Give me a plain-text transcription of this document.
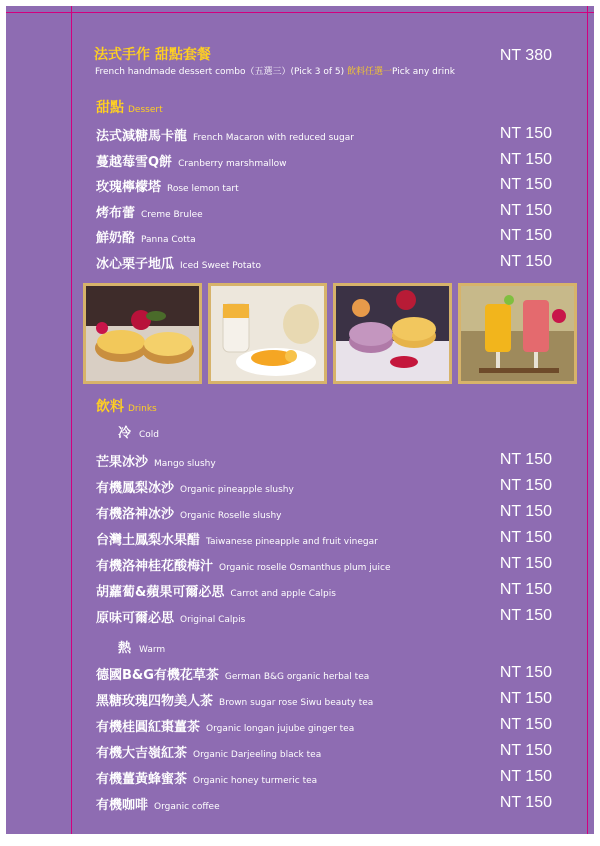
法式手作 甜點套餐
French handmade dessert combo（五選三）(Pick 3 of 5) 飲料任選一Pick any drink
NT 380
甜點 Dessert
法式減糖馬卡龍 French Macaron with reduced sugar	NT 150
蔓越莓雪Q餅 Cranberry marshmallow	NT 150
玫瑰檸檬塔 Rose lemon tart	NT 150
烤布蕾 Creme Brulee	NT 150
鮮奶酪 Panna Cotta	NT 150
冰心栗子地瓜 Iced Sweet Potato	NT 150
飲料 Drinks
冷 Cold
芒果冰沙 Mango slushy	NT 150
有機鳳梨冰沙 Organic pineapple slushy	NT 150
有機洛神冰沙 Organic Roselle slushy	NT 150
台灣土鳳梨水果醋 Taiwanese pineapple and fruit vinegar	NT 150
有機洛神桂花酸梅汁 Organic roselle Osmanthus plum juice	NT 150
胡蘿蔔&蘋果可爾必思 Carrot and apple Calpis	NT 150
原味可爾必思 Original Calpis	NT 150
熱 Warm
德國B&G有機花草茶 German B&G organic herbal tea	NT 150
黑糖玫瑰四物美人茶 Brown sugar rose Siwu beauty tea	NT 150
有機桂圓紅棗薑茶 Organic longan jujube ginger tea	NT 150
有機大吉嶺紅茶 Organic Darjeeling black tea	NT 150
有機薑黃蜂蜜茶 Organic honey turmeric tea	NT 150
有機咖啡 Organic coffee	NT 150
